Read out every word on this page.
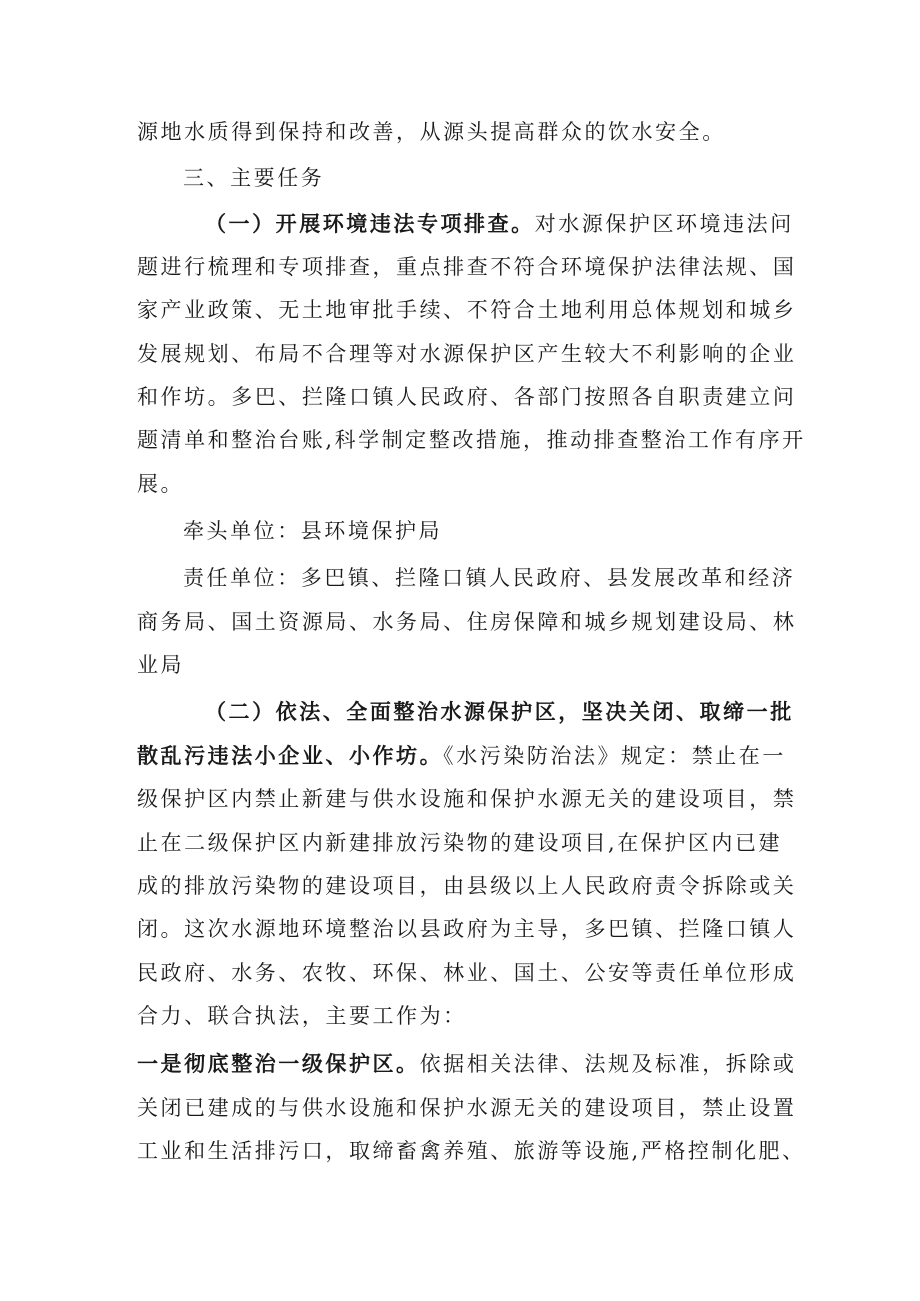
源地水质得到保持和改善，从源头提高群众的饮水安全。
三、主要任务
（一）开展环境违法专项排查。对水源保护区环境违法问
题进行梳理和专项排查，重点排查不符合环境保护法律法规、国
家产业政策、无土地审批手续、不符合土地利用总体规划和城乡
发展规划、布局不合理等对水源保护区产生较大不利影响的企业
和作坊。多巴、拦隆口镇人民政府、各部门按照各自职责建立问
题清单和整治台账,科学制定整改措施，推动排查整治工作有序开
展。
牵头单位：县环境保护局
责任单位：多巴镇、拦隆口镇人民政府、县发展改革和经济
商务局、国土资源局、水务局、住房保障和城乡规划建设局、林
业局
（二）依法、全面整治水源保护区，坚决关闭、取缔一批
散乱污违法小企业、小作坊。《水污染防治法》规定：禁止在一
级保护区内禁止新建与供水设施和保护水源无关的建设项目，禁
止在二级保护区内新建排放污染物的建设项目,在保护区内已建
成的排放污染物的建设项目，由县级以上人民政府责令拆除或关
闭。这次水源地环境整治以县政府为主导，多巴镇、拦隆口镇人
民政府、水务、农牧、环保、林业、国土、公安等责任单位形成
合力、联合执法，主要工作为：
一是彻底整治一级保护区。依据相关法律、法规及标准，拆除或
关闭已建成的与供水设施和保护水源无关的建设项目，禁止设置
工业和生活排污口，取缔畜禽养殖、旅游等设施,严格控制化肥、
